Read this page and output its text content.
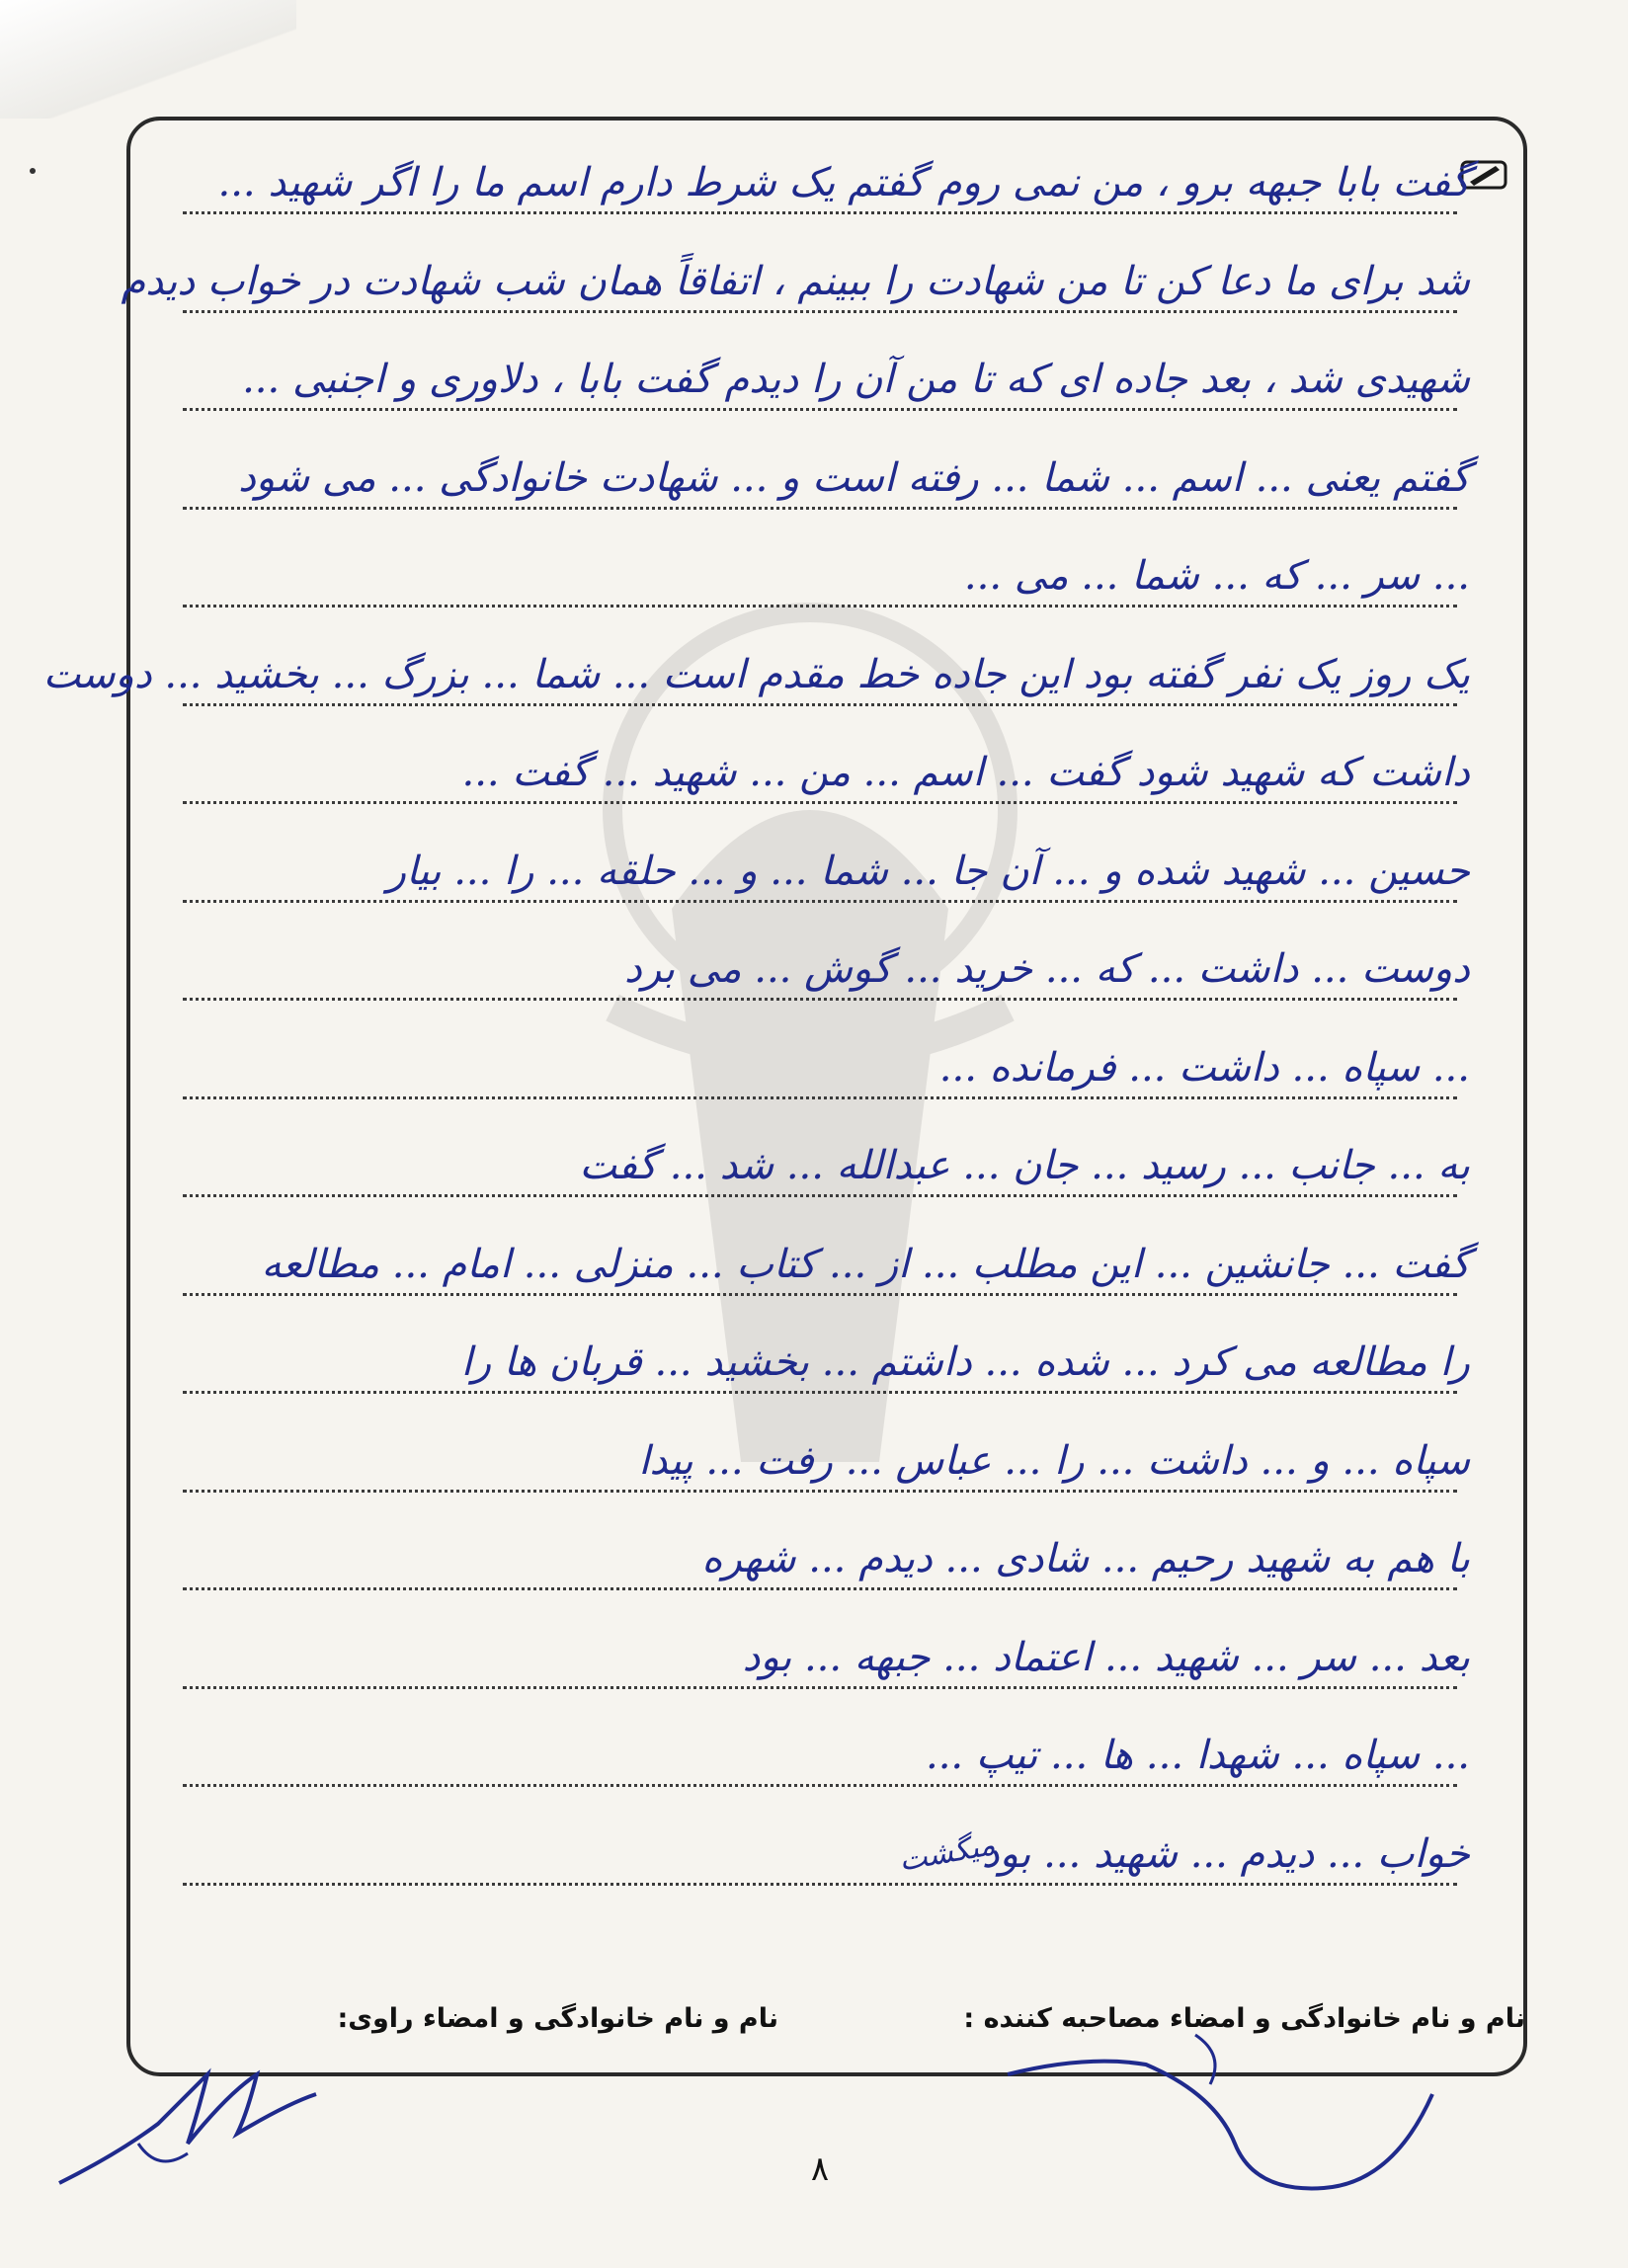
گفت بابا جبهه برو ، من نمی روم گفتم یک شرط دارم اسم ما را اگر شهید ...
شد برای ما دعا کن تا من شهادت را ببینم ، اتفاقاً همان شب شهادت در خواب دیدم
شهیدی شد ، بعد جاده ای که تا من آن را دیدم گفت بابا ، دلاوری و اجنبی ...
گفتم یعنی ... اسم ... شما ... رفته است و ... شهادت خانوادگی ... می شود
... سر ... که ... شما ... می ...
یک روز یک نفر گفته بود این جاده خط مقدم است ... شما ... بزرگ ... بخشید ... دوست
داشت که شهید شود گفت ... اسم ... من ... شهید ... گفت ...
حسین ... شهید شده و ... آن جا ... شما ... و ... حلقه ... را ... بیار
دوست ... داشت ... که ... خرید ... گوش ... می برد
... سپاه ... داشت ... فرمانده ...
به ... جانب ... رسید ... جان ... عبدالله ... شد ... گفت
گفت ... جانشین ... این مطلب ... از ... کتاب ... منزلی ... امام ... مطالعه
را مطالعه می کرد ... شده ... داشتم ... بخشید ... قربان ها را
سپاه ... و ... داشت ... را ... عباس ... رفت ... پیدا
با هم به شهید رحیم ... شادی ... دیدم ... شهره
بعد ... سر ... شهید ... اعتماد ... جبهه ... بود
... سپاه ... شهدا ... ها ... تیپ ...
خواب ... دیدم ... شهید ... بود
میگشت
نام و نام خانوادگی و امضاء مصاحبه کننده :
نام و نام خانوادگی و امضاء راوی:
۸
